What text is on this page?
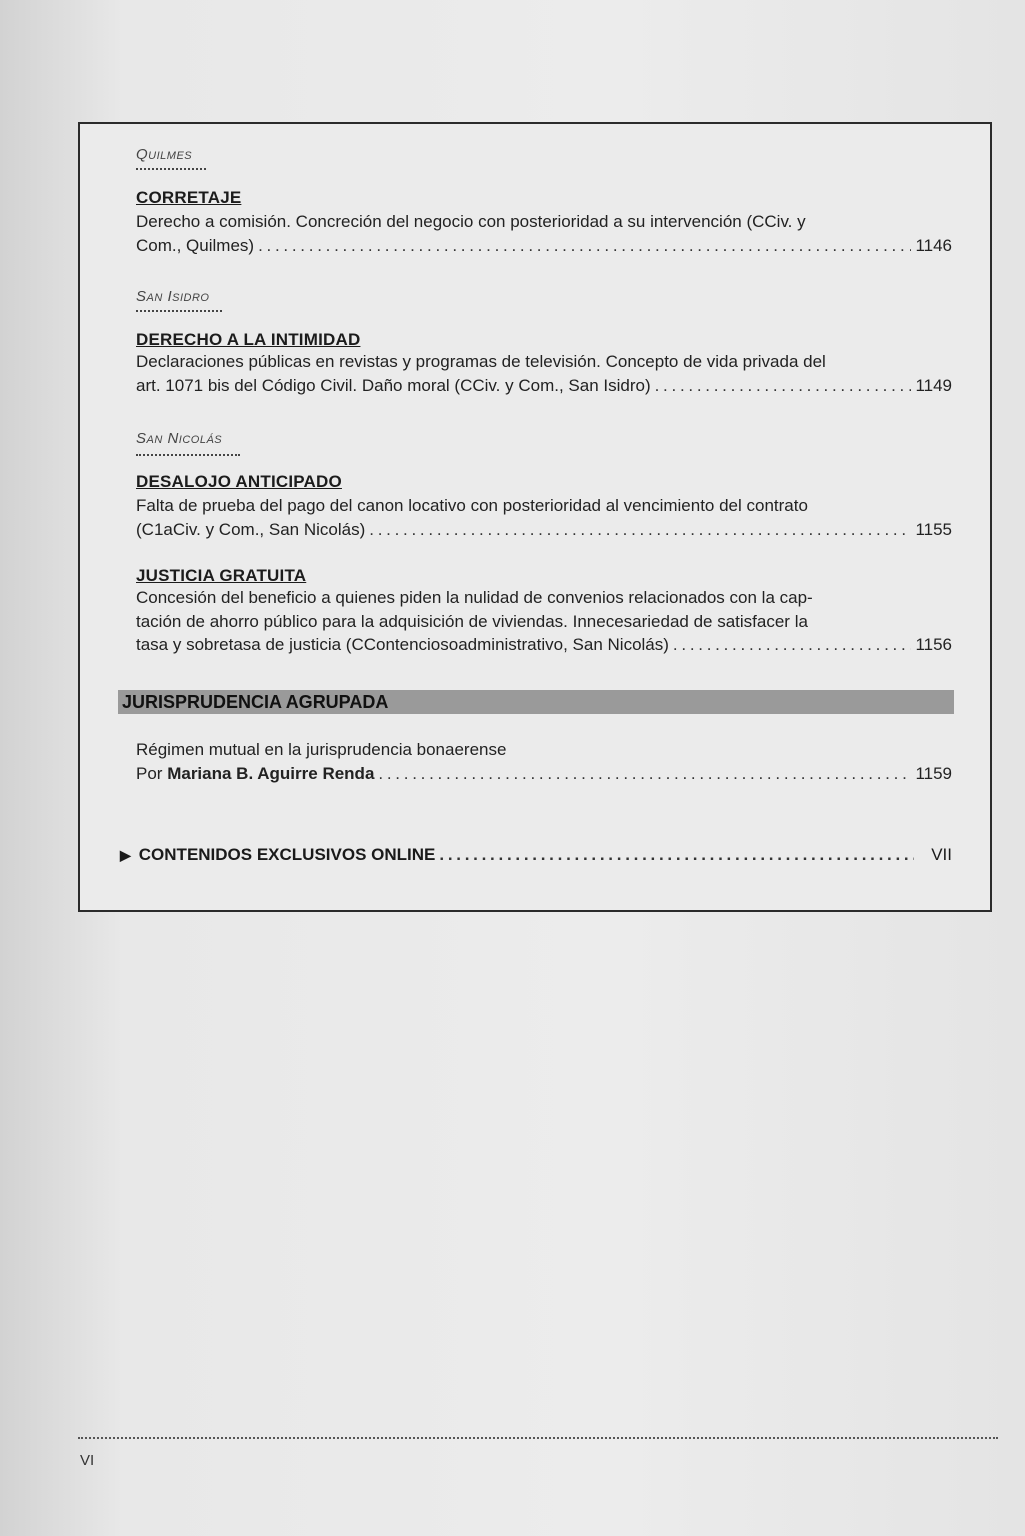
Quilmes
CORRETAJE
Derecho a comisión. Concreción del negocio con posterioridad a su intervención (CCiv. y
Com., Quilmes) . . .	1146
San Isidro
DERECHO A LA INTIMIDAD
Declaraciones públicas en revistas y programas de televisión. Concepto de vida privada del
art. 1071 bis del Código Civil. Daño moral (CCiv. y Com., San Isidro) . . .	1149
San Nicolás
DESALOJO ANTICIPADO
Falta de prueba del pago del canon locativo con posterioridad al vencimiento del contrato
(C1aCiv. y Com., San Nicolás) . . .	1155
JUSTICIA GRATUITA
Concesión del beneficio a quienes piden la nulidad de convenios relacionados con la cap-
tación de ahorro público para la adquisición de viviendas. Innecesariedad de satisfacer la
tasa y sobretasa de justicia (CContenciosoadministrativo, San Nicolás) . . .	1156
JURISPRUDENCIA AGRUPADA
Régimen mutual en la jurisprudencia bonaerense
Por
Mariana B. Aguirre Renda . . .	1159
▶ CONTENIDOS EXCLUSIVOS ONLINE . . .	VII
VI
